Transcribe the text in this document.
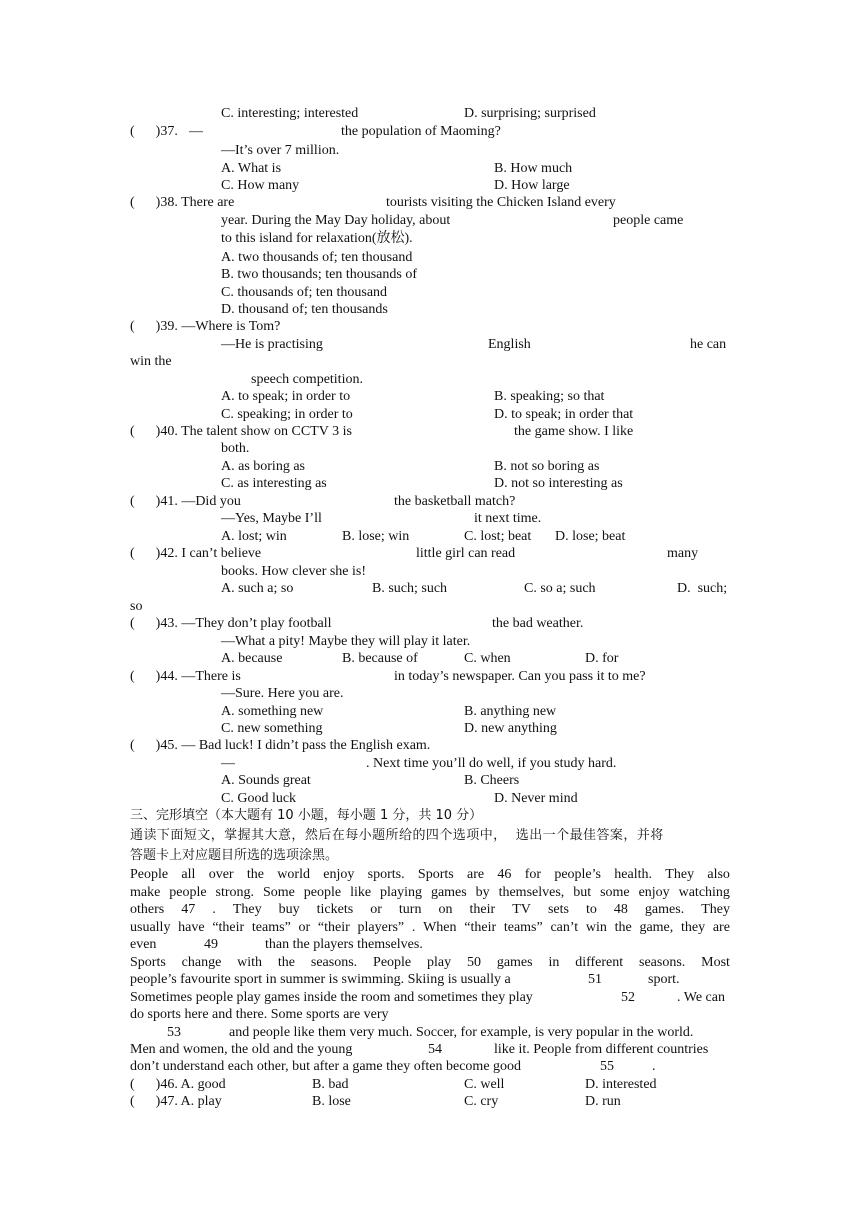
C. interesting; interested	D. surprising; surprised
(      )37. —	the population of Maoming?
—It’s over 7 million.
A. What is	B. How much
C. How many	D. How large
(      )38. There are	tourists visiting the Chicken Island every
year. During the May Day holiday, about	people came
to this island for relaxation(放松).
A. two thousands of; ten thousand
B. two thousands; ten thousands of
C. thousands of; ten thousand
D. thousand of; ten thousands
(      )39. —Where is Tom?
—He is practising	English	he can
win the
speech competition.
A. to speak; in order to	B. speaking; so that
C. speaking; in order to	D. to speak; in order that
(      )40. The talent show on CCTV 3 is	the game show. I like
both.
A. as boring as	B. not so boring as
C. as interesting as	D. not so interesting as
(      )41. —Did you	the basketball match?
—Yes, Maybe I’ll	it next time.
A. lost; win	B. lose; win	C. lost; beat D. lose; beat
(      )42. I can’t believe	little girl can read	many
books. How clever she is!
A. such a; so	B. such; such	C. so a; such	D.  such;
so
(      )43. —They don’t play football	the bad weather.
—What a pity! Maybe they will play it later.
A. because	B. because of	C. when	D. for
(      )44. —There is	in today’s newspaper. Can you pass it to me?
—Sure. Here you are.
A. something new	B. anything new
C. new something	D. new anything
(      )45. — Bad luck! I didn’t pass the English exam.
—	. Next time you’ll do well, if you study hard.
A. Sounds great	B. Cheers
C. Good luck	D. Never mind
三、完形填空（本大题有 10 小题，每小题 1 分，共 10 分）
通读下面短文，掌握其大意，然后在每小题所给的四个选项中，  选出一个最佳答案，并将
答题卡上对应题目所选的选项涂黑。
People all over the world enjoy sports. Sports are 46 for people’s health. They also
make people strong. Some people like playing games by themselves, but some enjoy watching
others 47 . They buy tickets or turn on their TV sets to 48 games. They
usually have “their teams” or “their players” . When “their teams” can’t win the game, they are
even	49	than the players themselves.
Sports change with the seasons. People play 50 games in different seasons. Most
people’s favourite sport in summer is swimming. Skiing is usually a	51	sport.
Sometimes people play games inside the room and sometimes they play	52	. We can
do sports here and there. Some sports are very
53	and people like them very much. Soccer, for example, is very popular in the world.
Men and women, the old and the young	54	like it. People from different countries
don’t understand each other, but after a game they often become good	55	.
(      )46. A. good	B. bad	C. well	D. interested
(      )47. A. play	B. lose	C. cry	D. run
